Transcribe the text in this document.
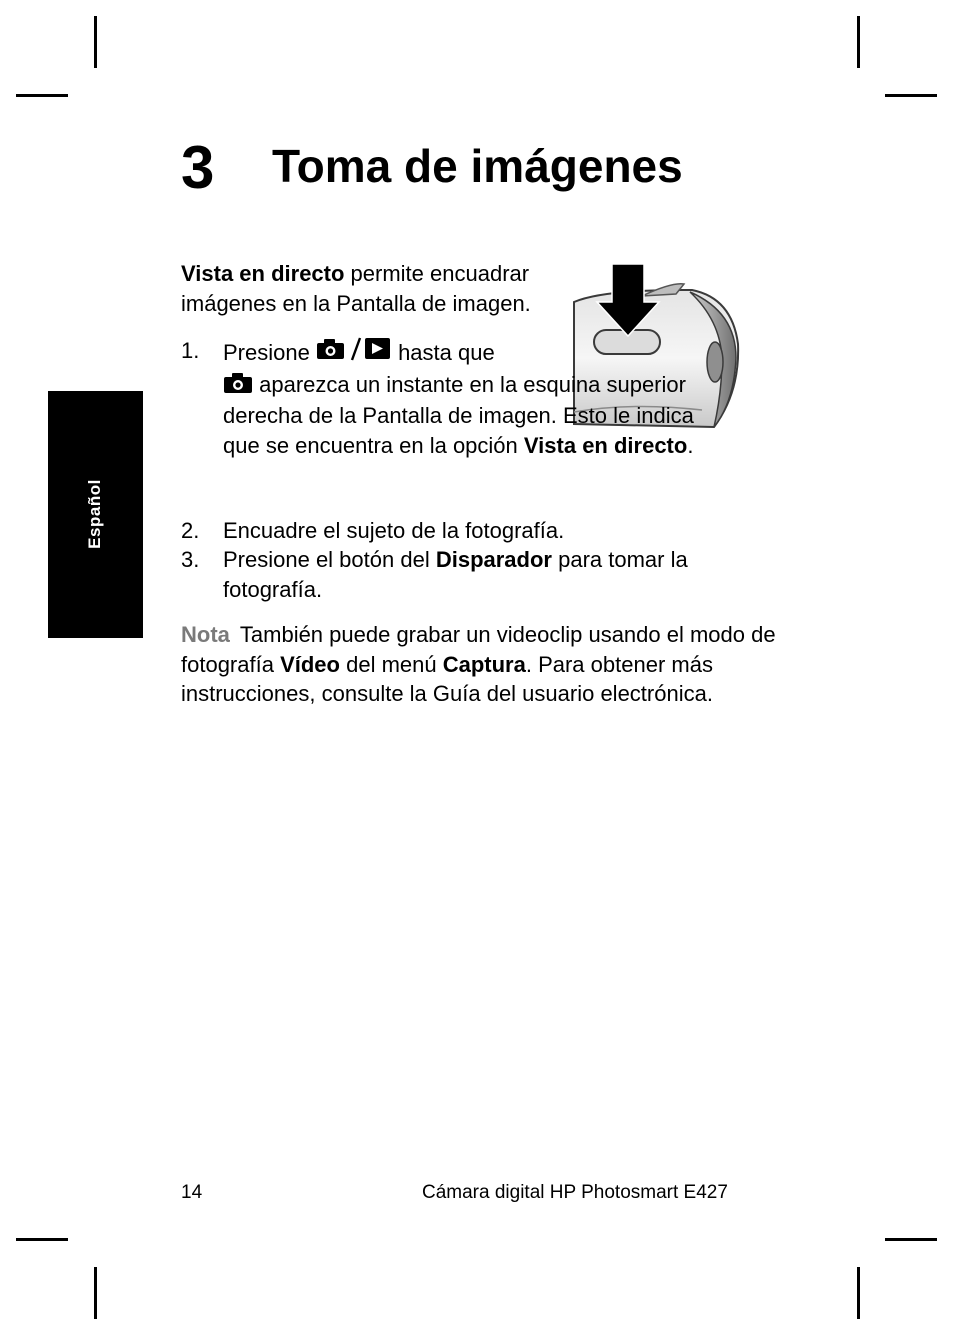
Español
3 Toma de imágenes
Vista en directo permite encuadrar imágenes en la Pantalla de imagen.
1. Presione	hasta que
aparezca un instante en la esquina superior derecha de la Pantalla de imagen. Esto le indica que se encuentra en la opción Vista en directo.
2. Encuadre el sujeto de la fotografía.
3. Presione el botón del Disparador para tomar la fotografía.
Nota También puede grabar un videoclip usando el modo de fotografía Vídeo del menú Captura. Para obtener más instrucciones, consulte la Guía del usuario electrónica.
14	Cámara digital HP Photosmart E427
